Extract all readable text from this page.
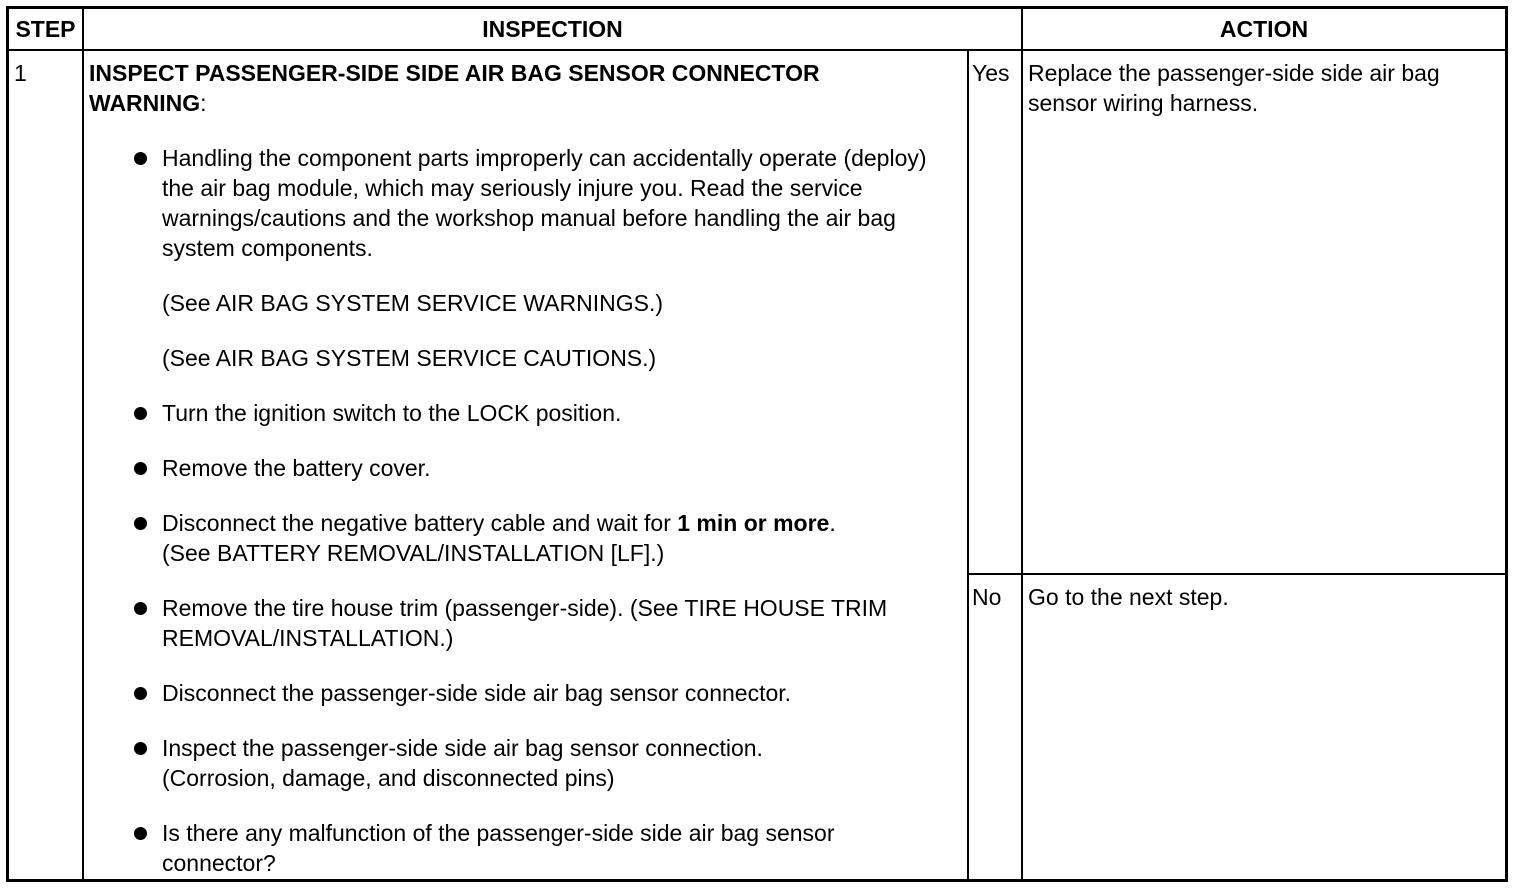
STEP	INSPECTION	ACTION
1	INSPECT PASSENGER-SIDE SIDE AIR BAG SENSOR CONNECTOR
WARNING:
Handling the component parts improperly can accidentally operate (deploy) the air bag module, which may seriously injure you. Read the service warnings/cautions and the workshop manual before handling the air bag system components.
(See AIR BAG SYSTEM SERVICE WARNINGS.)
(See AIR BAG SYSTEM SERVICE CAUTIONS.)
Turn the ignition switch to the LOCK position.
Remove the battery cover.
Disconnect the negative battery cable and wait for 1 min or more.
(See BATTERY REMOVAL/INSTALLATION [LF].)
Remove the tire house trim (passenger-side). (See TIRE HOUSE TRIM REMOVAL/INSTALLATION.)
Disconnect the passenger-side side air bag sensor connector.
Inspect the passenger-side side air bag sensor connection. (Corrosion, damage, and disconnected pins)
Is there any malfunction of the passenger-side side air bag sensor connector?
Yes Replace the passenger-side side air bag sensor wiring harness.
No Go to the next step.
